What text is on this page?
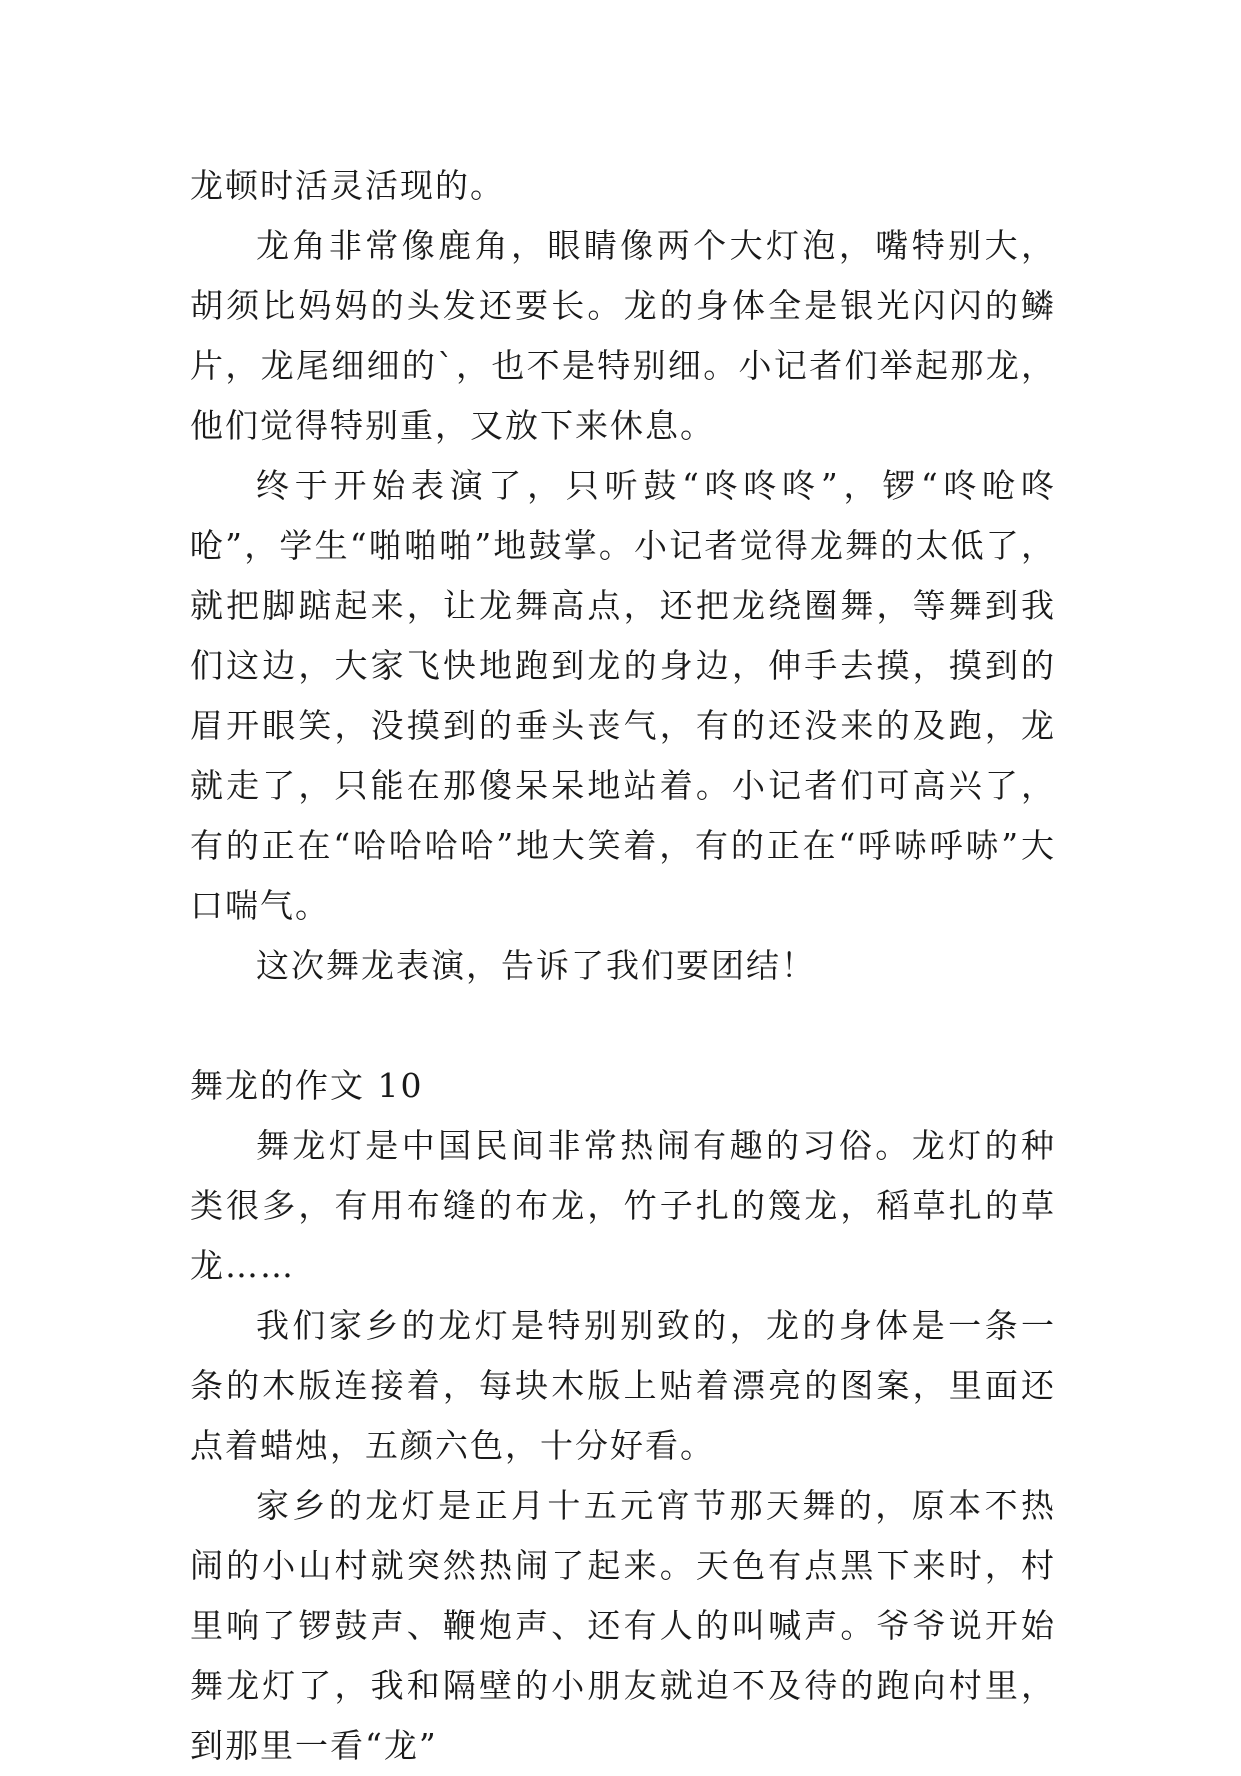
龙顿时活灵活现的。

龙角非常像鹿角，眼睛像两个大灯泡，嘴特别大，胡须比妈妈的头发还要长。龙的身体全是银光闪闪的鳞片，龙尾细细的`，也不是特别细。小记者们举起那龙，他们觉得特别重，又放下来休息。

终于开始表演了，只听鼓“咚咚咚”，锣“咚呛咚呛”，学生“啪啪啪”地鼓掌。小记者觉得龙舞的太低了，就把脚踮起来，让龙舞高点，还把龙绕圈舞，等舞到我们这边，大家飞快地跑到龙的身边，伸手去摸，摸到的眉开眼笑，没摸到的垂头丧气，有的还没来的及跑，龙就走了，只能在那傻呆呆地站着。小记者们可高兴了，有的正在“哈哈哈哈”地大笑着，有的正在“呼哧呼哧”大口喘气。

这次舞龙表演，告诉了我们要团结！

舞龙的作文 10

舞龙灯是中国民间非常热闹有趣的习俗。龙灯的种类很多，有用布缝的布龙，竹子扎的篾龙，稻草扎的草龙……

我们家乡的龙灯是特别别致的，龙的身体是一条一条的木版连接着，每块木版上贴着漂亮的图案，里面还点着蜡烛，五颜六色，十分好看。

家乡的龙灯是正月十五元宵节那天舞的，原本不热闹的小山村就突然热闹了起来。天色有点黑下来时，村里响了锣鼓声、鞭炮声、还有人的叫喊声。爷爷说开始舞龙灯了，我和隔壁的小朋友就迫不及待的跑向村里，到那里一看“龙”
